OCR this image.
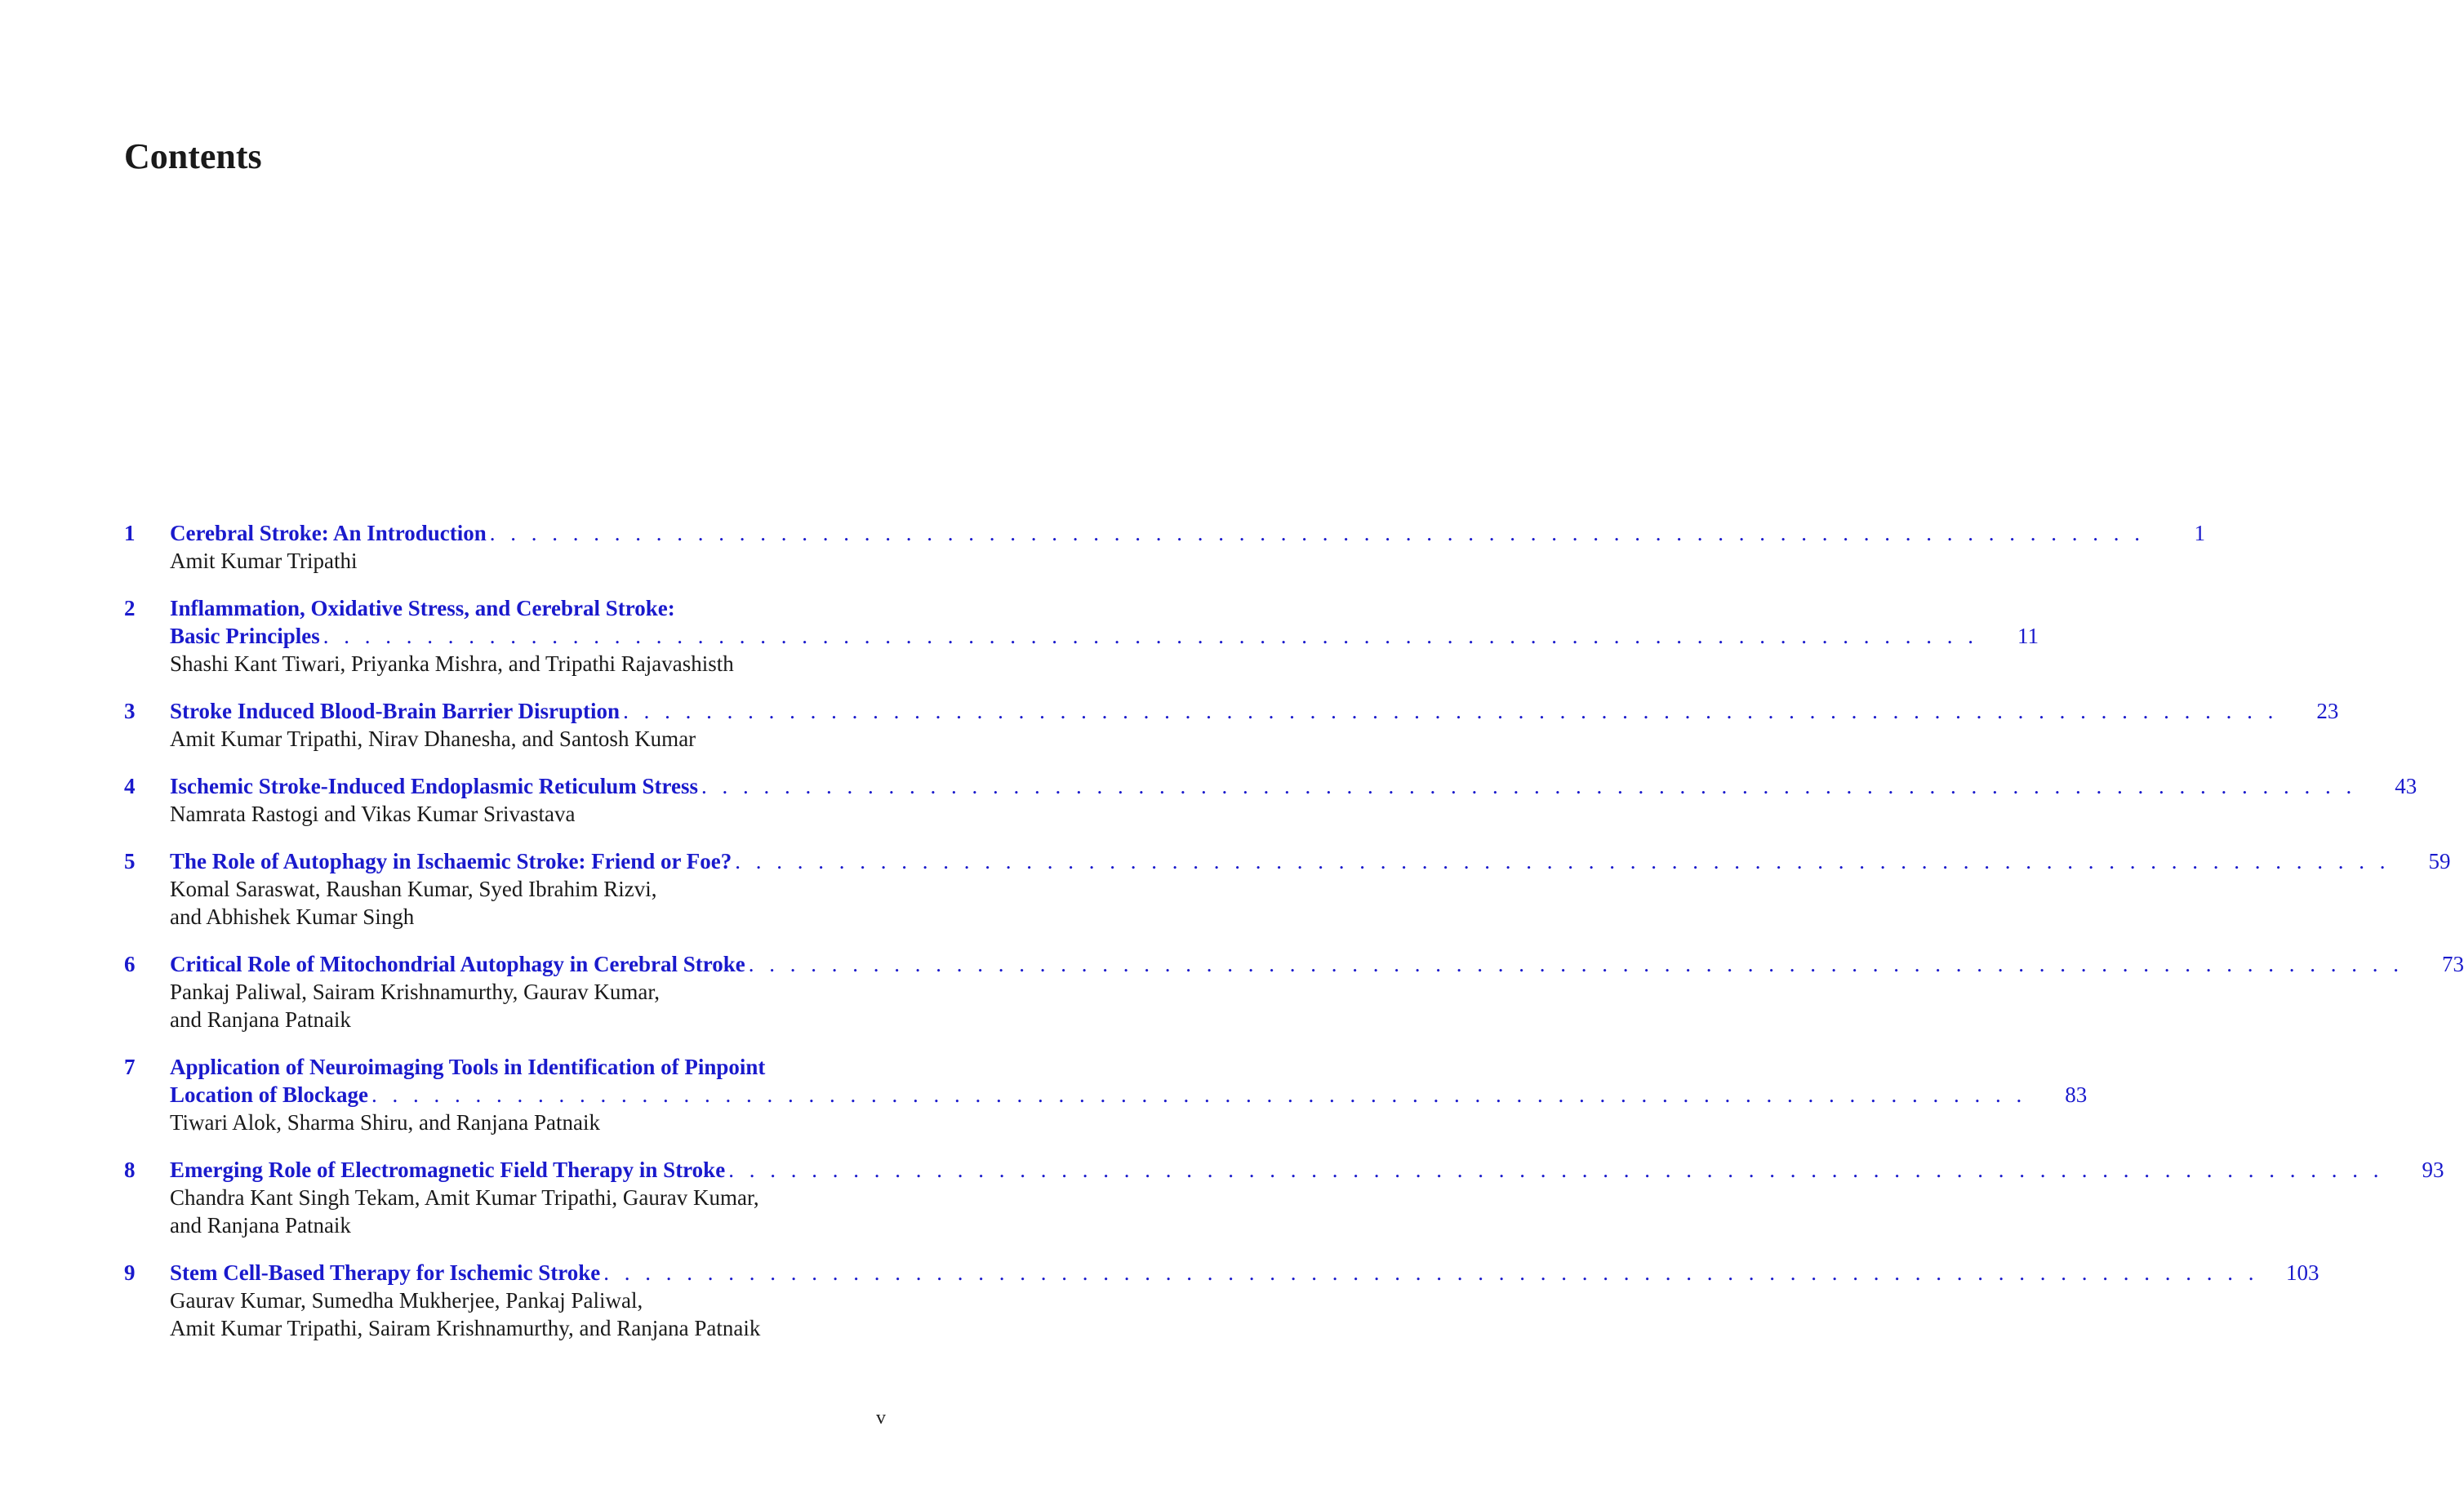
Contents
1 Cerebral Stroke: An Introduction . . . . . . . . . . . . . . . . . . . . . . . . . . . . . . . . . . . . . . . . . . . . . . . . . . . . . . . . . . . . . . . . . . . . . . . . . . . . . . . .	1
Amit Kumar Tripathi
2 Inflammation, Oxidative Stress, and Cerebral Stroke:
Basic Principles . . . . . . . . . . . . . . . . . . . . . . . . . . . . . . . . . . . . . . . . . . . . . . . . . . . . . . . . . . . . . . . . . . . . . . . . . . . . . . . .	11
Shashi Kant Tiwari, Priyanka Mishra, and Tripathi Rajavashisth
3 Stroke Induced Blood-Brain Barrier Disruption . . . . . . . . . . . . . . . . . . . . . . . . . . . . . . . . . . . . . . . . . . . . . . . . . . . . . . . . . . . . . . . . . . . . . . . . . . . . . . . .	23
Amit Kumar Tripathi, Nirav Dhanesha, and Santosh Kumar
4 Ischemic Stroke-Induced Endoplasmic Reticulum Stress . . . . . . . . . . . . . . . . . . . . . . . . . . . . . . . . . . . . . . . . . . . . . . . . . . . . . . . . . . . . . . . . . . . . . . . . . . . . . . . .	43
Namrata Rastogi and Vikas Kumar Srivastava
5 The Role of Autophagy in Ischaemic Stroke: Friend or Foe? . . . . . . . . . . . . . . . . . . . . . . . . . . . . . . . . . . . . . . . . . . . . . . . . . . . . . . . . . . . . . . . . . . . . . . . . . . . . . . . .	59
Komal Saraswat, Raushan Kumar, Syed Ibrahim Rizvi,
and Abhishek Kumar Singh
6 Critical Role of Mitochondrial Autophagy in Cerebral Stroke . . . . . . . . . . . . . . . . . . . . . . . . . . . . . . . . . . . . . . . . . . . . . . . . . . . . . . . . . . . . . . . . . . . . . . . . . . . . . . . .	73
Pankaj Paliwal, Sairam Krishnamurthy, Gaurav Kumar,
and Ranjana Patnaik
7 Application of Neuroimaging Tools in Identification of Pinpoint
Location of Blockage . . . . . . . . . . . . . . . . . . . . . . . . . . . . . . . . . . . . . . . . . . . . . . . . . . . . . . . . . . . . . . . . . . . . . . . . . . . . . . . .	83
Tiwari Alok, Sharma Shiru, and Ranjana Patnaik
8 Emerging Role of Electromagnetic Field Therapy in Stroke . . . . . . . . . . . . . . . . . . . . . . . . . . . . . . . . . . . . . . . . . . . . . . . . . . . . . . . . . . . . . . . . . . . . . . . . . . . . . . . .	93
Chandra Kant Singh Tekam, Amit Kumar Tripathi, Gaurav Kumar,
and Ranjana Patnaik
9 Stem Cell-Based Therapy for Ischemic Stroke . . . . . . . . . . . . . . . . . . . . . . . . . . . . . . . . . . . . . . . . . . . . . . . . . . . . . . . . . . . . . . . . . . . . . . . . . . . . . . . .	103
Gaurav Kumar, Sumedha Mukherjee, Pankaj Paliwal,
Amit Kumar Tripathi, Sairam Krishnamurthy, and Ranjana Patnaik
v
